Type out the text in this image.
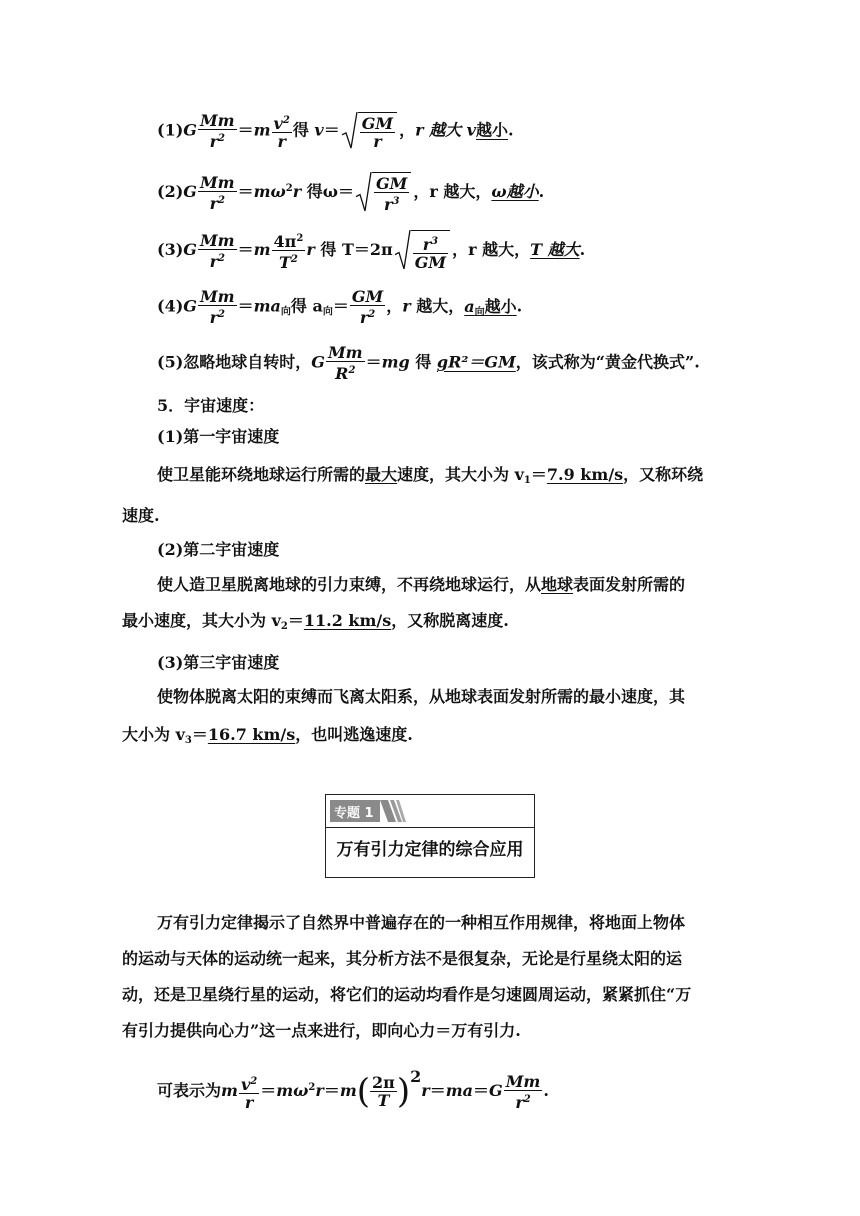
$(1)G \frac{Mm}{r^2} =m \frac{v^2}{r}$ 得 $v= \frac{GM}{r}$ ，r 越大 v越小.
$(2)G \frac{Mm}{r^2} =m\omega^2r$ 得$\omega= \frac{GM}{r^3}$ ，r 越大，ω越小.
$(3)G \frac{Mm}{r^2} =m \frac{4\pi^2}{T^2}$ r 得 $T=2\pi \frac{r^3}{GM}$ ，r 越大，T 越大.
$(4)G \frac{Mm}{r^2} =ma_向$得 $a_向= \frac{GM}{r^2}$ ，r 越大，$a_向$越小.
(5)忽略地球自转时，G $\frac{Mm}{R^2} =mg$ 得 gR²＝GM，该式称为“黄金代换式”.
5．宇宙速度：
(1)第一宇宙速度
使卫星能环绕地球运行所需的最大速度，其大小为 $v_1=7.9$ km/s，又称环绕
速度.
(2)第二宇宙速度
使人造卫星脱离地球的引力束缚，不再绕地球运行，从地球表面发射所需的
最小速度，其大小为 $v_2=11.2$ km/s，又称脱离速度.
(3)第三宇宙速度
使物体脱离太阳的束缚而飞离太阳系，从地球表面发射所需的最小速度，其
大小为 $v_3=16.7$ km/s，也叫逃逸速度.
专题 1
万有引力定律的综合应用
万有引力定律揭示了自然界中普遍存在的一种相互作用规律，将地面上物体
的运动与天体的运动统一起来，其分析方法不是很复杂，无论是行星绕太阳的运
动，还是卫星绕行星的运动，将它们的运动均看作是匀速圆周运动，紧紧抓住“万
有引力提供向心力”这一点来进行，即向心力＝万有引力.
可表示为m $\frac{v^2}{r} =m\omega^2r=m( \frac{2\pi}{T} )2r=ma=G \frac{Mm}{r^2}$ .
